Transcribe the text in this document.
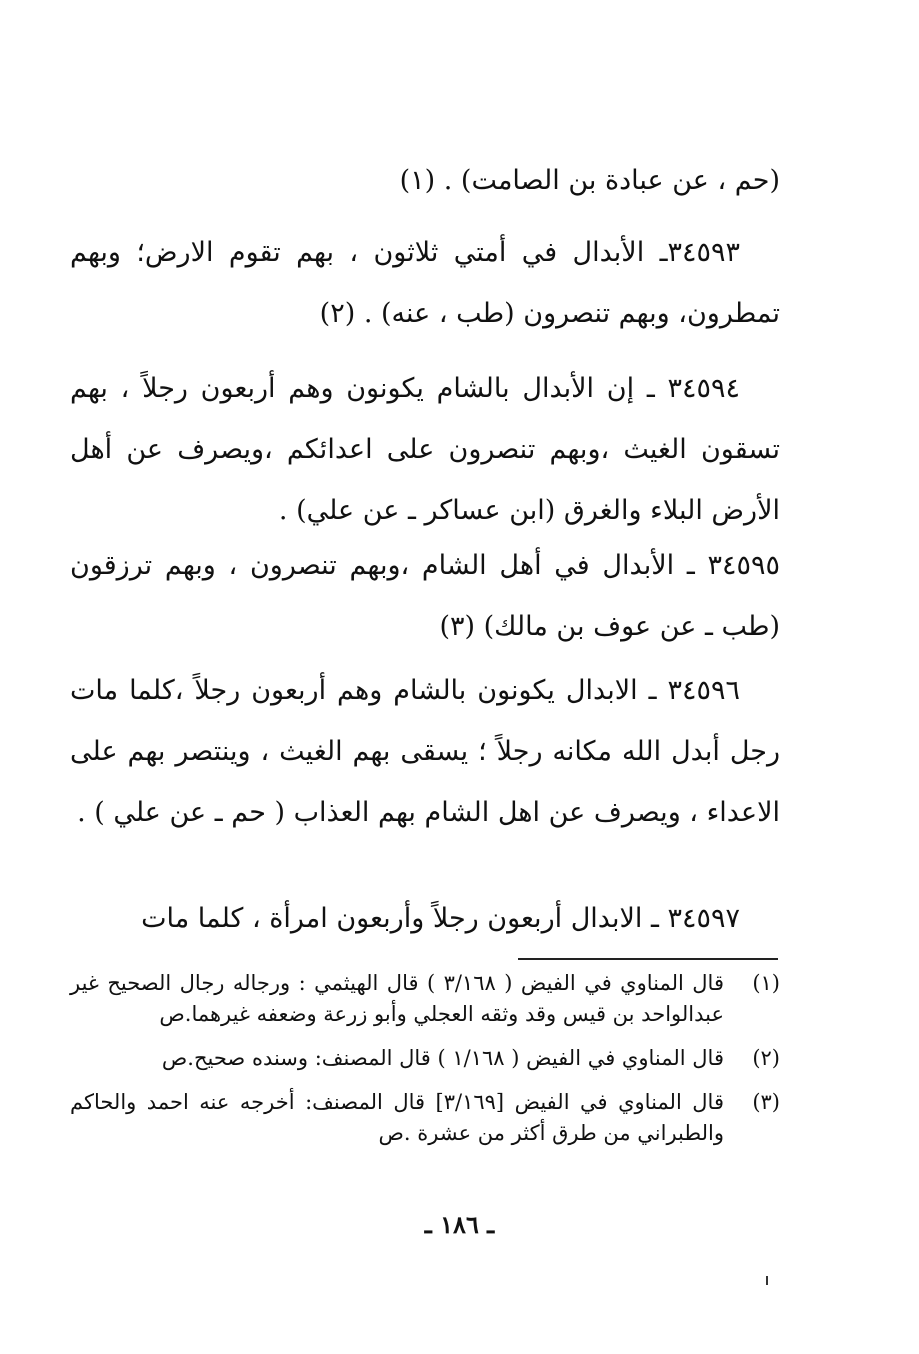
(حم ، عن عبادة بن الصامت) . (١)

٣٤٥٩٣ـ الأبدال في أمتي ثلاثون ، بهم تقوم الارض؛ وبهم تمطرون، وبهم تنصرون (طب ، عنه) . (٢)

٣٤٥٩٤ ـ إن الأبدال بالشام يكونون وهم أربعون رجلاً ، بهم تسقون الغيث ،وبهم تنصرون على اعدائكم ،ويصرف عن أهل الأرض البلاء والغرق (ابن عساكر ـ عن علي) .

٣٤٥٩٥ ـ الأبدال في أهل الشام ،وبهم تنصرون ، وبهم ترزقون (طب ـ عن عوف بن مالك) (٣)

٣٤٥٩٦ ـ الابدال يكونون بالشام وهم أربعون رجلاً ،كلما مات رجل أبدل الله مكانه رجلاً ؛ يسقى بهم الغيث ، وينتصر بهم على الاعداء ، ويصرف عن اهل الشام بهم العذاب ( حم ـ عن علي ) .

٣٤٥٩٧ ـ الابدال أربعون رجلاً وأربعون امرأة ، كلما مات

(١)
قال المناوي في الفيض ( ٣/١٦٨ ) قال الهيثمي : ورجاله رجال الصحيح غير عبدالواحد بن قيس وقد وثقه العجلي وأبو زرعة وضعفه غيرهما.ص
(٢)
قال المناوي في الفيض ( ١/١٦٨ ) قال المصنف: وسنده صحيح.ص
(٣)
قال المناوي في الفيض [٣/١٦٩] قال المصنف: أخرجه عنه احمد والحاكم والطبراني من طرق أكثر من عشرة .ص
ـ ١٨٦ ـ
